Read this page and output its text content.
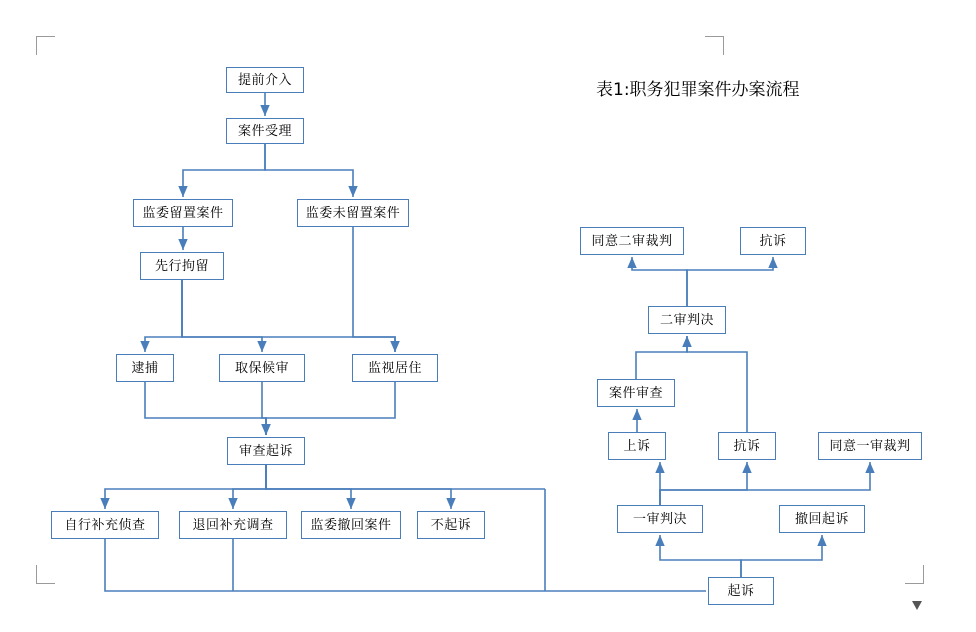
表1:职务犯罪案件办案流程
提前介入
案件受理
监委留置案件	监委未留置案件
先行拘留
逮捕	取保候审	监视居住
审查起诉
自行补充侦查	退回补充调查	监委撤回案件	不起诉
起诉
一审判决	撤回起诉
上诉	抗诉	同意一审裁判
案件审查
二审判决
同意二审裁判	抗诉
